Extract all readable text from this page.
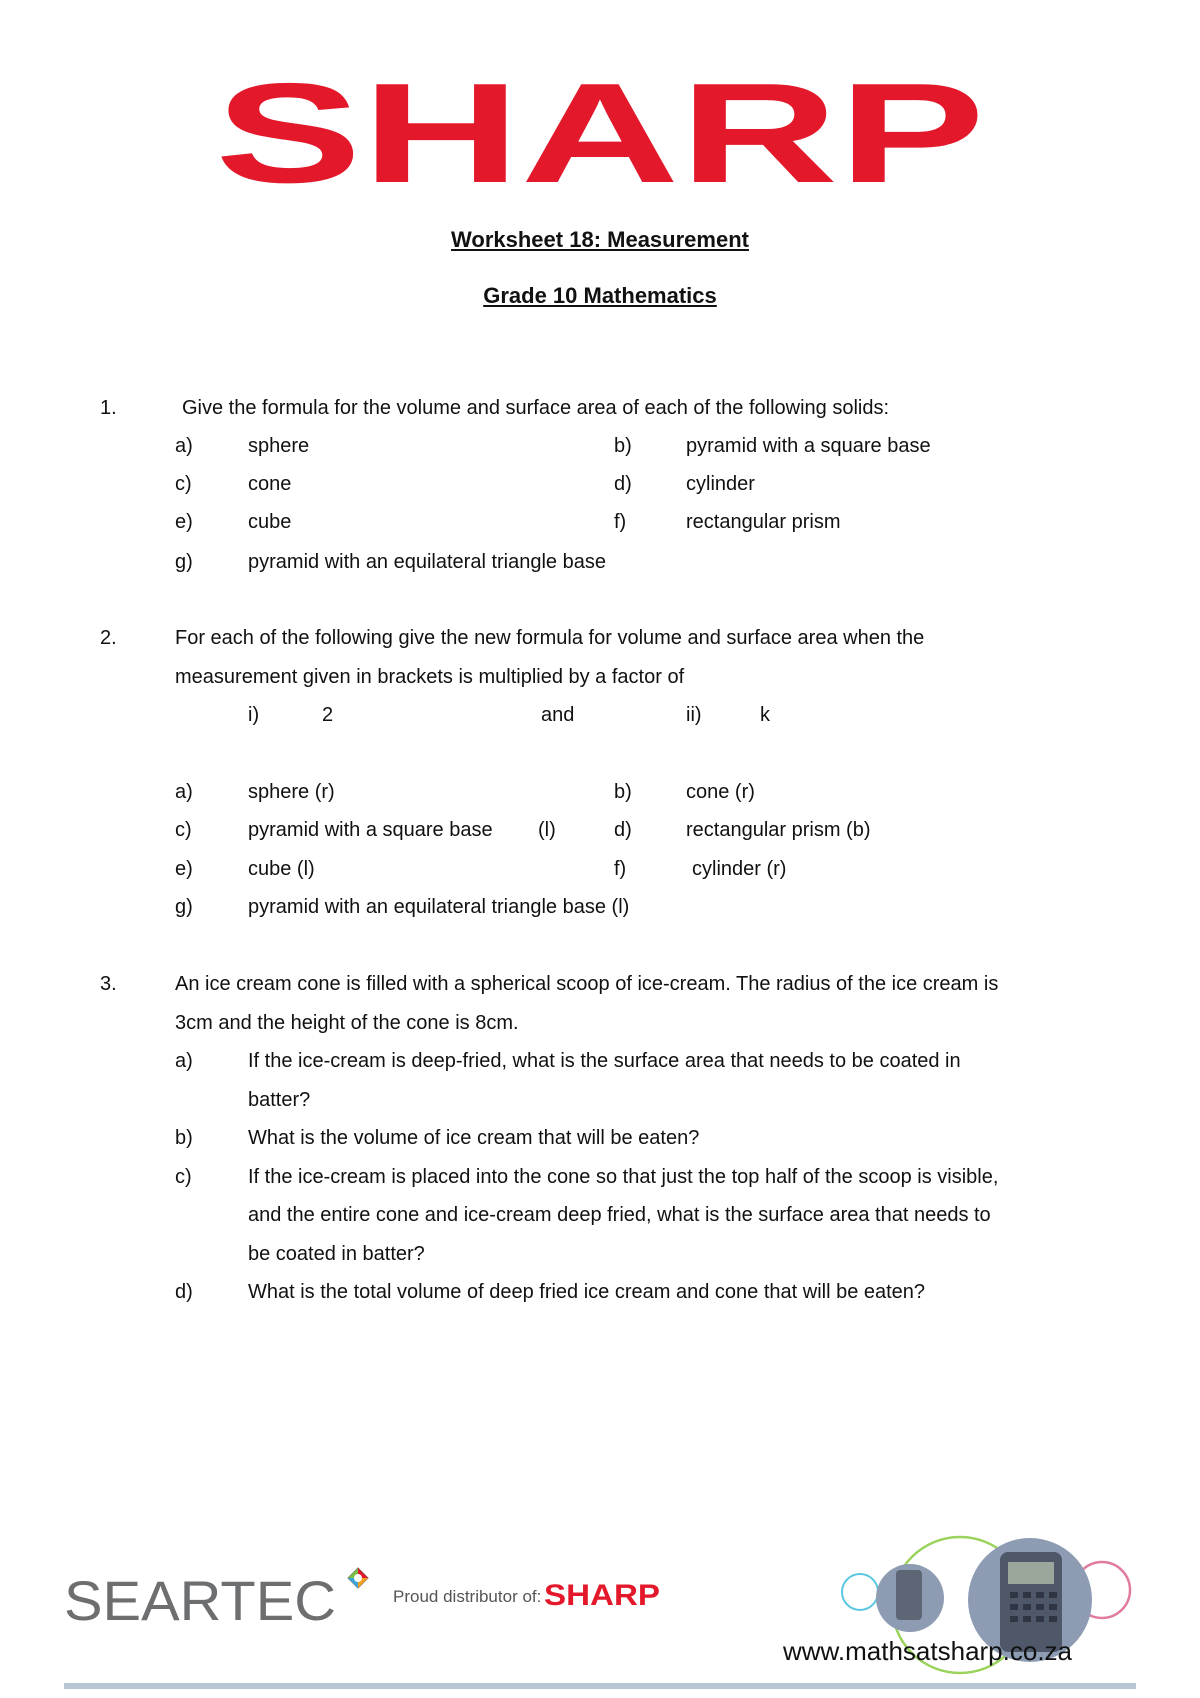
SHARP
Worksheet 18: Measurement
Grade 10 Mathematics
1.	Give the formula for the volume and surface area of each of the following solids:
a)	sphere	b)	pyramid with a square base
c)	cone	d)	cylinder
e)	cube	f)	rectangular prism
g)	pyramid with an equilateral triangle base
2.	For each of the following give the new formula for volume and surface area when the
measurement given in brackets is multiplied by a factor of
i)	2	and	ii)	k
a)	sphere (r)	b)	cone (r)
c)	pyramid with a square base (l)	d)	rectangular prism (b)
e)	cube (l)	f)	cylinder (r)
g)	pyramid with an equilateral triangle base (l)
3.	An ice cream cone is filled with a spherical scoop of ice-cream. The radius of the ice cream is
3cm and the height of the cone is 8cm.
a)	If the ice-cream is deep-fried, what is the surface area that needs to be coated in
batter?
b)	What is the volume of ice cream that will be eaten?
c)	If the ice-cream is placed into the cone so that just the top half of the scoop is visible,
and the entire cone and ice-cream deep fried, what is the surface area that needs to
be coated in batter?
d)	What is the total volume of deep fried ice cream and cone that will be eaten?
SEARTEC	Proud distributor of: SHARP
www.mathsatsharp.co.za
